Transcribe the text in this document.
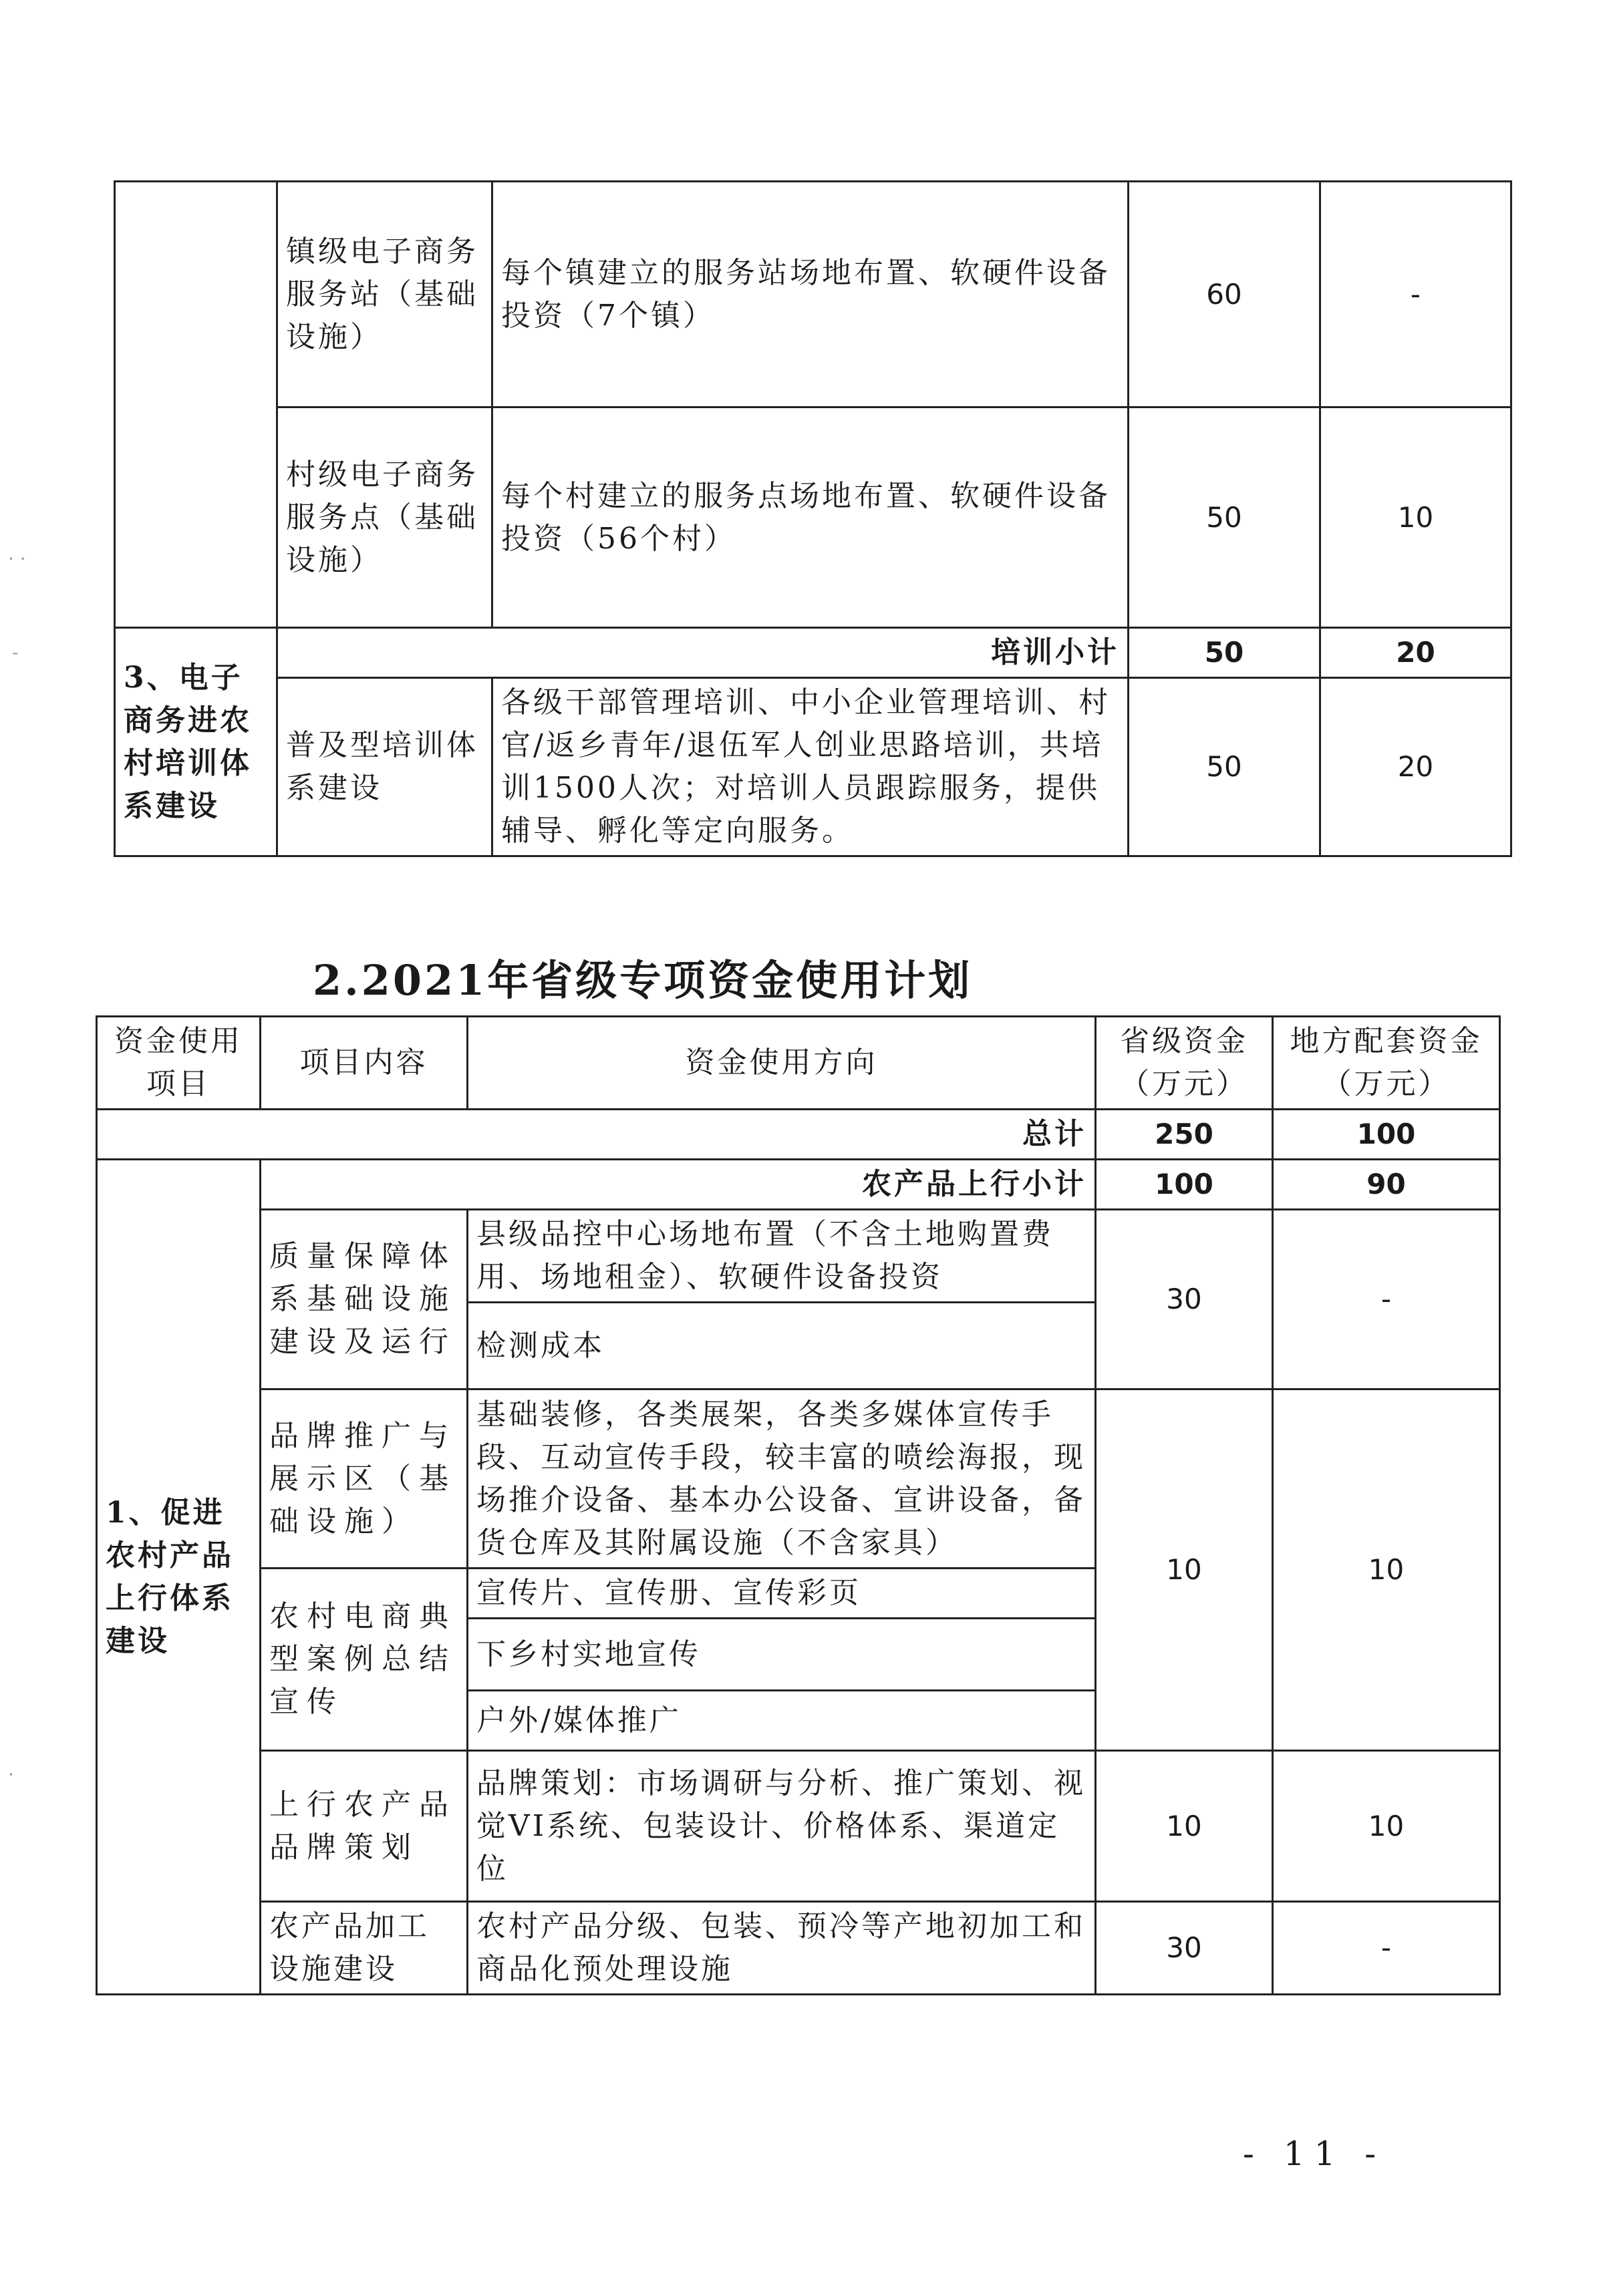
· ·
-
·
	镇级电子商务服务站（基础设施）	每个镇建立的服务站场地布置、软硬件设备投资（7个镇）	60	-
	村级电子商务服务点（基础设施）	每个村建立的服务点场地布置、软硬件设备投资（56个村）	50	10
3、电子商务进农村培训体系建设	培训小计		50	20
	普及型培训体系建设	各级干部管理培训、中小企业管理培训、村官/返乡青年/退伍军人创业思路培训，共培训1500人次；对培训人员跟踪服务，提供辅导、孵化等定向服务。	50	20
2.2021年省级专项资金使用计划
资金使用项目	项目内容	资金使用方向	省级资金（万元）	地方配套资金（万元）
总计			250	100
1、促进农村产品上行体系建设	农产品上行小计		100	90
	质量保障体系基础设施建设及运行	县级品控中心场地布置（不含土地购置费用、场地租金）、软硬件设备投资	30	-
		检测成本		
	品牌推广与展示区（基础设施）	基础装修，各类展架，各类多媒体宣传手段、互动宣传手段，较丰富的喷绘海报，现场推介设备、基本办公设备、宣讲设备，备货仓库及其附属设施（不含家具）	10	10
	农村电商典型案例总结宣传	宣传片、宣传册、宣传彩页		
		下乡村实地宣传		
		户外/媒体推广		
	上行农产品品牌策划	品牌策划：市场调研与分析、推广策划、视觉VI系统、包装设计、价格体系、渠道定位	10	10
	农产品加工设施建设	农村产品分级、包装、预冷等产地初加工和商品化预处理设施	30	-
- 11 -
